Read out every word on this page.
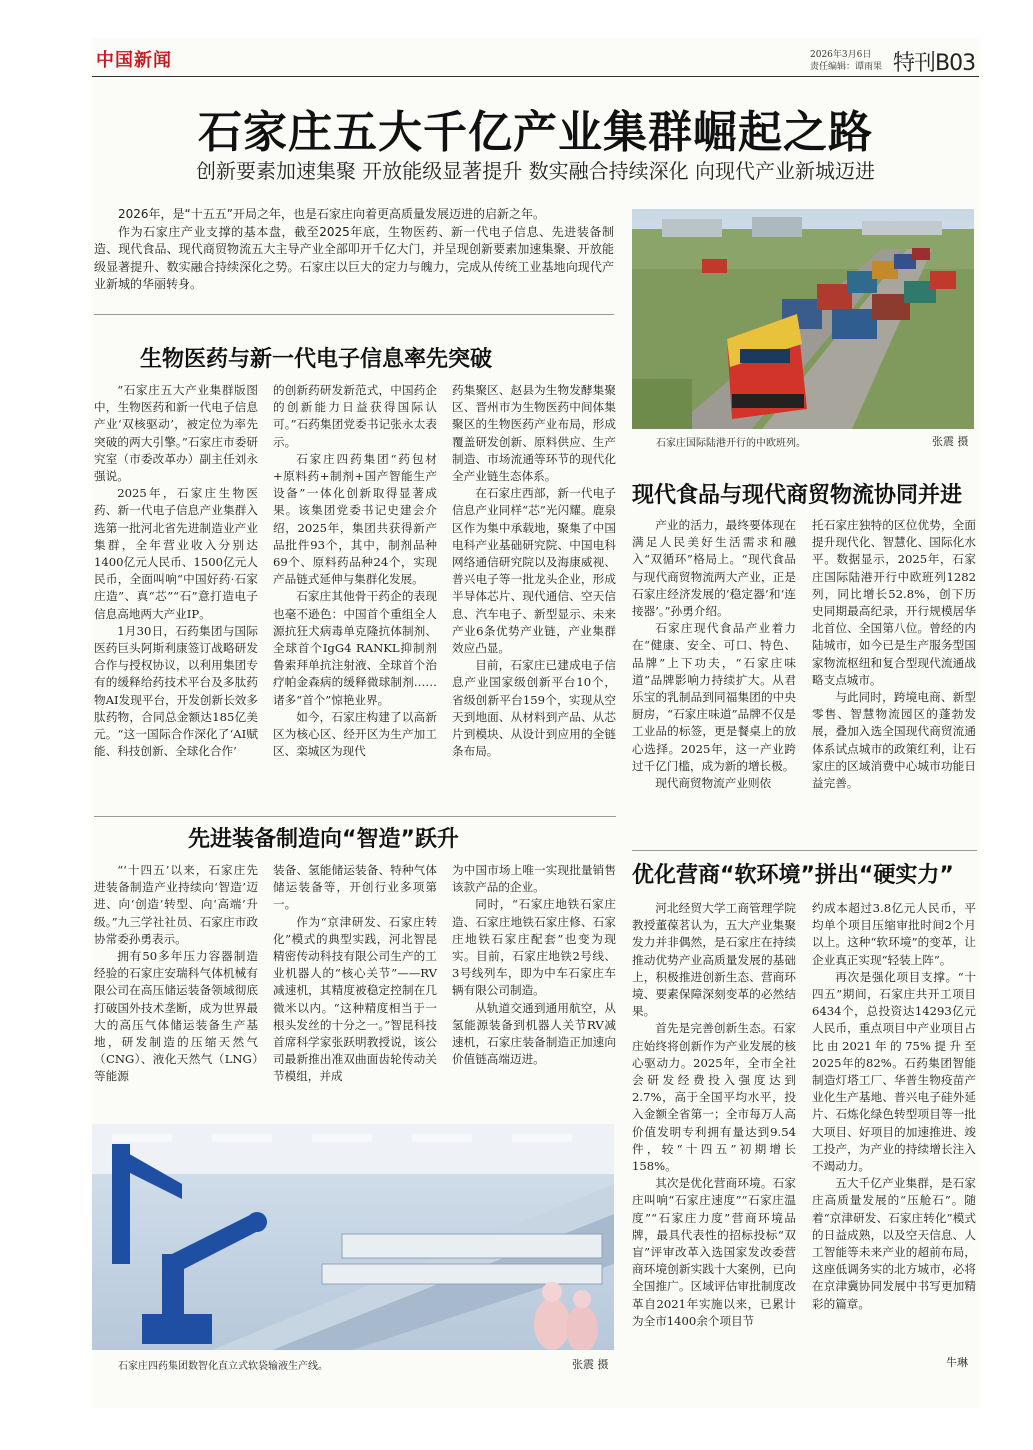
中国新闻	2026年3月6日
责任编辑：谭雨果 特刊B03
石家庄五大千亿产业集群崛起之路
创新要素加速集聚 开放能级显著提升 数实融合持续深化 向现代产业新城迈进

2026年，是“十五五”开局之年，也是石家庄向着更高质量发展迈进的启新之年。

作为石家庄产业支撑的基本盘，截至2025年底，生物医药、新一代电子信息、先进装备制造、现代食品、现代商贸物流五大主导产业全部叩开千亿大门，并呈现创新要素加速集聚、开放能级显著提升、数实融合持续深化之势。石家庄以巨大的定力与魄力，完成从传统工业基地向现代产业新城的华丽转身。

石家庄国际陆港开行的中欧班列。	张震 摄
生物医药与新一代电子信息率先突破

“石家庄五大产业集群版图中，生物医药和新一代电子信息产业‘双核驱动’，被定位为率先突破的两大引擎。”石家庄市委研究室（市委改革办）副主任刘永强说。

2025年，石家庄生物医药、新一代电子信息产业集群入选第一批河北省先进制造业产业集群，全年营业收入分别达1400亿元人民币、1500亿元人民币，全面叫响“中国好药·石家庄造”、真“芯”“石”意打造电子信息高地两大产业IP。

1月30日，石药集团与国际医药巨头阿斯利康签订战略研发合作与授权协议，以利用集团专有的缓释给药技术平台及多肽药物AI发现平台，开发创新长效多肽药物，合同总金额达185亿美元。“这一国际合作深化了‘AI赋能、科技创新、全球化合作’

的创新药研发新范式，中国药企的创新能力日益获得国际认可。”石药集团党委书记张永太表示。

石家庄四药集团“药包材+原料药+制剂+国产智能生产设备”一体化创新取得显著成果。该集团党委书记史建会介绍，2025年，集团共获得新产品批件93个，其中，制剂品种69个、原料药品种24个，实现产品链式延伸与集群化发展。

石家庄其他骨干药企的表现也毫不逊色：中国首个重组全人源抗狂犬病毒单克隆抗体制剂、全球首个IgG4 RANKL抑制剂鲁索拜单抗注射液、全球首个治疗帕金森病的缓释微球制剂……诸多“首个”惊艳业界。

如今，石家庄构建了以高新区为核心区、经开区为生产加工区、栾城区为现代

药集聚区、赵县为生物发酵集聚区、晋州市为生物医药中间体集聚区的生物医药产业布局，形成覆盖研发创新、原料供应、生产制造、市场流通等环节的现代化全产业链生态体系。

在石家庄西部，新一代电子信息产业同样“芯”光闪耀。鹿泉区作为集中承载地，聚集了中国电科产业基础研究院、中国电科网络通信研究院以及海康威视、普兴电子等一批龙头企业，形成半导体芯片、现代通信、空天信息、汽车电子、新型显示、未来产业6条优势产业链，产业集群效应凸显。

目前，石家庄已建成电子信息产业国家级创新平台10个，省级创新平台159个，实现从空天到地面、从材料到产品、从芯片到模块、从设计到应用的全链条布局。

现代食品与现代商贸物流协同并进

产业的活力，最终要体现在满足人民美好生活需求和融入“双循环”格局上。“现代食品与现代商贸物流两大产业，正是石家庄经济发展的‘稳定器’和‘连接器’。”孙勇介绍。

石家庄现代食品产业着力在“健康、安全、可口、特色、品牌”上下功夫，“石家庄味道”品牌影响力持续扩大。从君乐宝的乳制品到同福集团的中央厨房，“石家庄味道”品牌不仅是工业品的标签，更是餐桌上的放心选择。2025年，这一产业跨过千亿门槛，成为新的增长极。

现代商贸物流产业则依

托石家庄独特的区位优势，全面提升现代化、智慧化、国际化水平。数据显示，2025年，石家庄国际陆港开行中欧班列1282列，同比增长52.8%，创下历史同期最高纪录，开行规模居华北首位、全国第八位。曾经的内陆城市，如今已是生产服务型国家物流枢纽和复合型现代流通战略支点城市。

与此同时，跨境电商、新型零售、智慧物流园区的蓬勃发展，叠加入选全国现代商贸流通体系试点城市的政策红利，让石家庄的区域消费中心城市功能日益完善。

先进装备制造向“智造”跃升

“‘十四五’以来，石家庄先进装备制造产业持续向‘智造’迈进、向‘创造’转型、向‘高端’升级。”九三学社社员、石家庄市政协常委孙勇表示。

拥有50多年压力容器制造经验的石家庄安瑞科气体机械有限公司在高压储运装备领域彻底打破国外技术垄断，成为世界最大的高压气体储运装备生产基地，研发制造的压缩天然气（CNG）、液化天然气（LNG）等能源

装备、氢能储运装备、特种气体储运装备等，开创行业多项第一。

作为“京津研发、石家庄转化”模式的典型实践，河北智昆精密传动科技有限公司生产的工业机器人的“核心关节”——RV减速机，其精度被稳定控制在几微米以内。“这种精度相当于一根头发丝的十分之一。”智昆科技首席科学家张跃明教授说，该公司最新推出准双曲面齿轮传动关节模组，并成

为中国市场上唯一实现批量销售该款产品的企业。

同时，“石家庄地铁石家庄造、石家庄地铁石家庄修、石家庄地铁石家庄配套”也变为现实。目前，石家庄地铁2号线、3号线列车，即为中车石家庄车辆有限公司制造。

从轨道交通到通用航空，从氢能源装备到机器人关节RV减速机，石家庄装备制造正加速向价值链高端迈进。

石家庄四药集团数智化直立式软袋输液生产线。	张震 摄
优化营商“软环境”拼出“硬实力”

河北经贸大学工商管理学院教授董葆茗认为，五大产业集聚发力并非偶然，是石家庄在持续推动优势产业高质量发展的基础上，积极推进创新生态、营商环境、要素保障深刻变革的必然结果。

首先是完善创新生态。石家庄始终将创新作为产业发展的核心驱动力。2025年，全市全社会研发经费投入强度达到2.7%，高于全国平均水平，投入金额全省第一；全市每万人高价值发明专利拥有量达到9.54件，较“十四五”初期增长158%。

其次是优化营商环境。石家庄叫响“石家庄速度”“石家庄温度”“石家庄力度”营商环境品牌，最具代表性的招标投标“双盲”评审改革入选国家发改委营商环境创新实践十大案例，已向全国推广。区域评估审批制度改革自2021年实施以来，已累计为全市1400余个项目节

约成本超过3.8亿元人民币，平均单个项目压缩审批时间2个月以上。这种“软环境”的变革，让企业真正实现“轻装上阵”。

再次是强化项目支撑。“十四五”期间，石家庄共开工项目6434个，总投资达14293亿元人民币，重点项目中产业项目占比由2021年的75%提升至2025年的82%。石药集团智能制造灯塔工厂、华普生物疫苗产业化生产基地、普兴电子硅外延片、石炼化绿色转型项目等一批大项目、好项目的加速推进、竣工投产，为产业的持续增长注入不竭动力。

五大千亿产业集群，是石家庄高质量发展的“压舱石”。随着“京津研发、石家庄转化”模式的日益成熟，以及空天信息、人工智能等未来产业的超前布局，这座低调务实的北方城市，必将在京津冀协同发展中书写更加精彩的篇章。

牛琳
